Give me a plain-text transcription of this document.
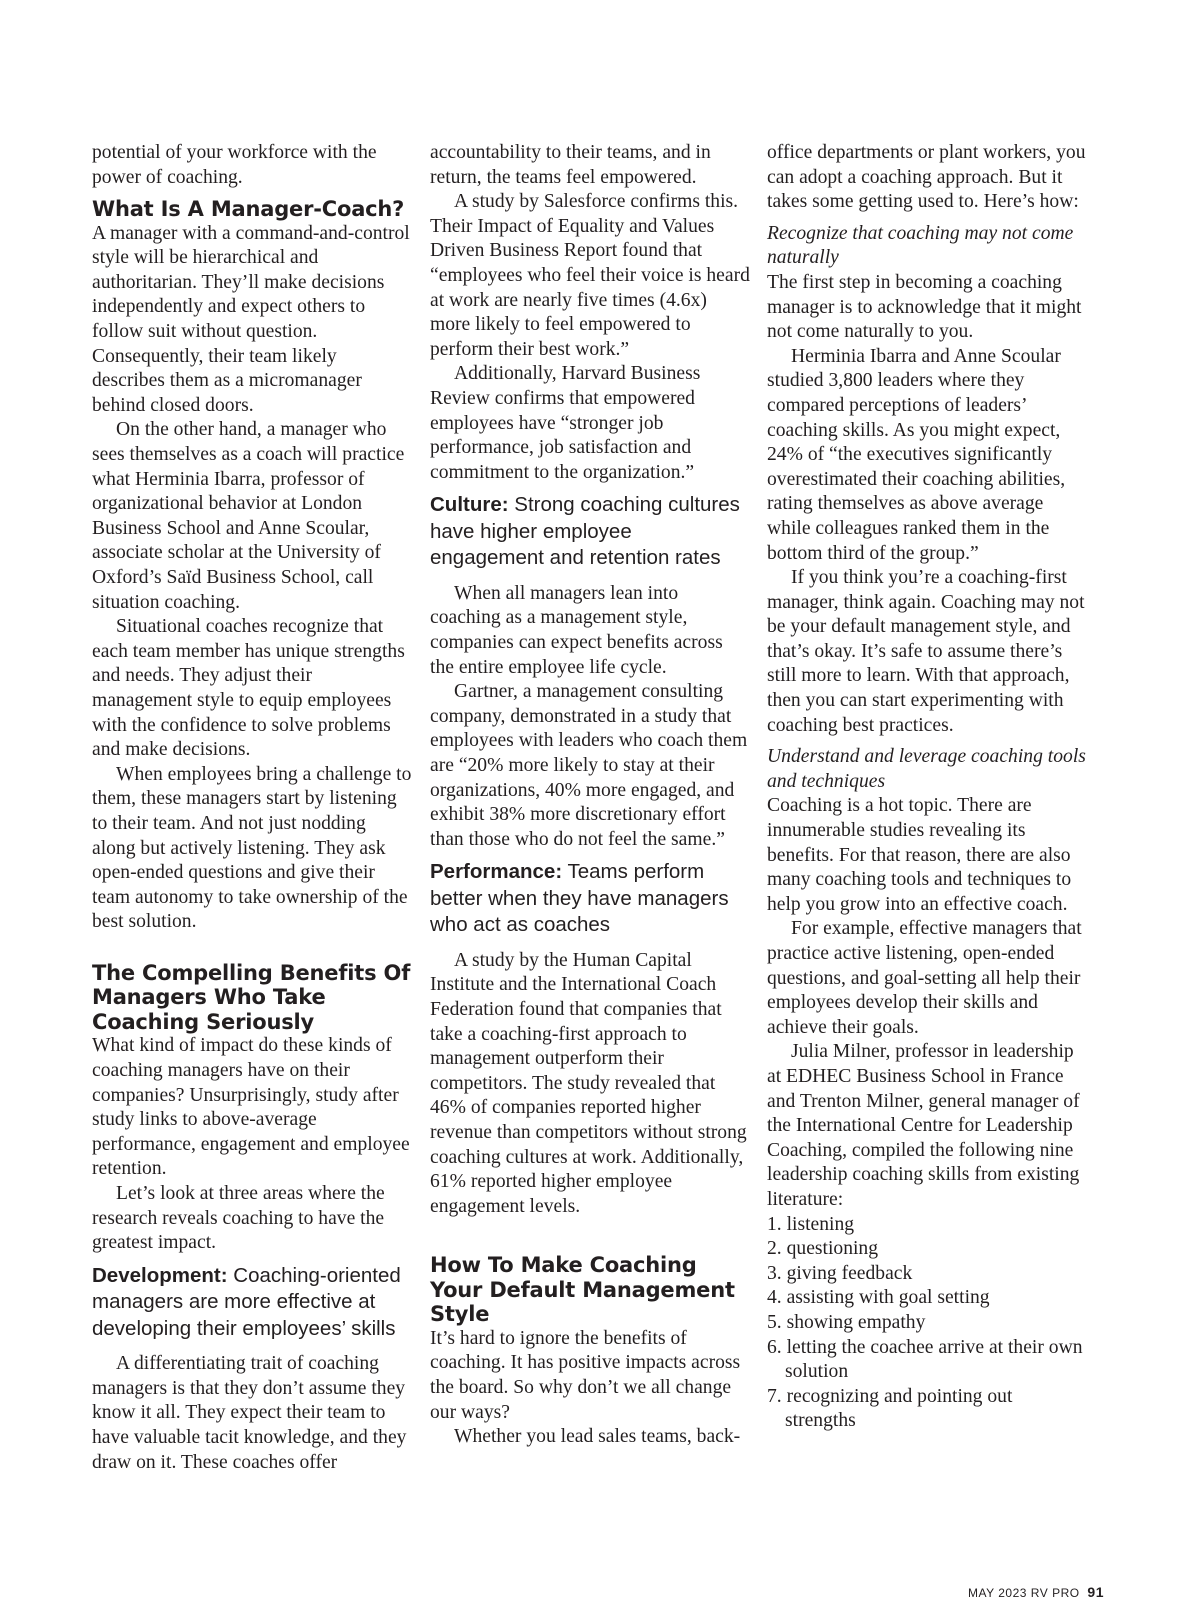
potential of your workforce with the power of coaching.

What Is A Manager-Coach?

A manager with a command-and-control style will be hierarchical and authoritarian. They’ll make decisions independently and expect others to follow suit without question. Consequently, their team likely describes them as a micromanager behind closed doors.

On the other hand, a manager who sees themselves as a coach will practice what Herminia Ibarra, professor of organizational behavior at London Business School and Anne Scoular, associate scholar at the University of Oxford’s Saïd Business School, call situation coaching.

Situational coaches recognize that each team member has unique strengths and needs. They adjust their management style to equip employees with the confidence to solve problems and make decisions.

When employees bring a challenge to them, these managers start by listening to their team. And not just nodding along but actively listening. They ask open-ended questions and give their team autonomy to take ownership of the best solution.

The Compelling Benefits Of Managers Who Take Coaching Seriously

What kind of impact do these kinds of coaching managers have on their companies? Unsurprisingly, study after study links to above-average performance, engagement and employee retention.

Let’s look at three areas where the research reveals coaching to have the greatest impact.

Development: Coaching-oriented managers are more effective at developing their employees’ skills

A differentiating trait of coaching managers is that they don’t assume they know it all. They expect their team to have valuable tacit knowledge, and they draw on it. These coaches offer

accountability to their teams, and in return, the teams feel empowered.

A study by Salesforce confirms this. Their Impact of Equality and Values Driven Business Report found that “employees who feel their voice is heard at work are nearly five times (4.6x) more likely to feel empowered to perform their best work.”

Additionally, Harvard Business Review confirms that empowered employees have “stronger job performance, job satisfaction and commitment to the organization.”

Culture: Strong coaching cultures have higher employee engagement and retention rates

When all managers lean into coaching as a management style, companies can expect benefits across the entire employee life cycle.

Gartner, a management consulting company, demonstrated in a study that employees with leaders who coach them are “20% more likely to stay at their organizations, 40% more engaged, and exhibit 38% more discretionary effort than those who do not feel the same.”

Performance: Teams perform better when they have managers who act as coaches

A study by the Human Capital Institute and the International Coach Federation found that companies that take a coaching-first approach to management outperform their competitors. The study revealed that 46% of companies reported higher revenue than competitors without strong coaching cultures at work. Additionally, 61% reported higher employee engagement levels.

How To Make Coaching Your Default Management Style

It’s hard to ignore the benefits of coaching. It has positive impacts across the board. So why don’t we all change our ways?

Whether you lead sales teams, back-

office departments or plant workers, you can adopt a coaching approach. But it takes some getting used to. Here’s how:

Recognize that coaching may not come naturally

The first step in becoming a coaching manager is to acknowledge that it might not come naturally to you.

Herminia Ibarra and Anne Scoular studied 3,800 leaders where they compared perceptions of leaders’ coaching skills. As you might expect, 24% of “the executives significantly overestimated their coaching abilities, rating themselves as above average while colleagues ranked them in the bottom third of the group.”

If you think you’re a coaching-first manager, think again. Coaching may not be your default management style, and that’s okay. It’s safe to assume there’s still more to learn. With that approach, then you can start experimenting with coaching best practices.

Understand and leverage coaching tools and techniques

Coaching is a hot topic. There are innumerable studies revealing its benefits. For that reason, there are also many coaching tools and techniques to help you grow into an effective coach.

For example, effective managers that practice active listening, open-ended questions, and goal-setting all help their employees develop their skills and achieve their goals.

Julia Milner, professor in leadership at EDHEC Business School in France and Trenton Milner, general manager of the International Centre for Leadership Coaching, compiled the following nine leadership coaching skills from existing literature:

1. listening
2. questioning
3. giving feedback
4. assisting with goal setting
5. showing empathy
6. letting the coachee arrive at their own solution
7. recognizing and pointing out strengths
MAY 2023 RV PRO 91
